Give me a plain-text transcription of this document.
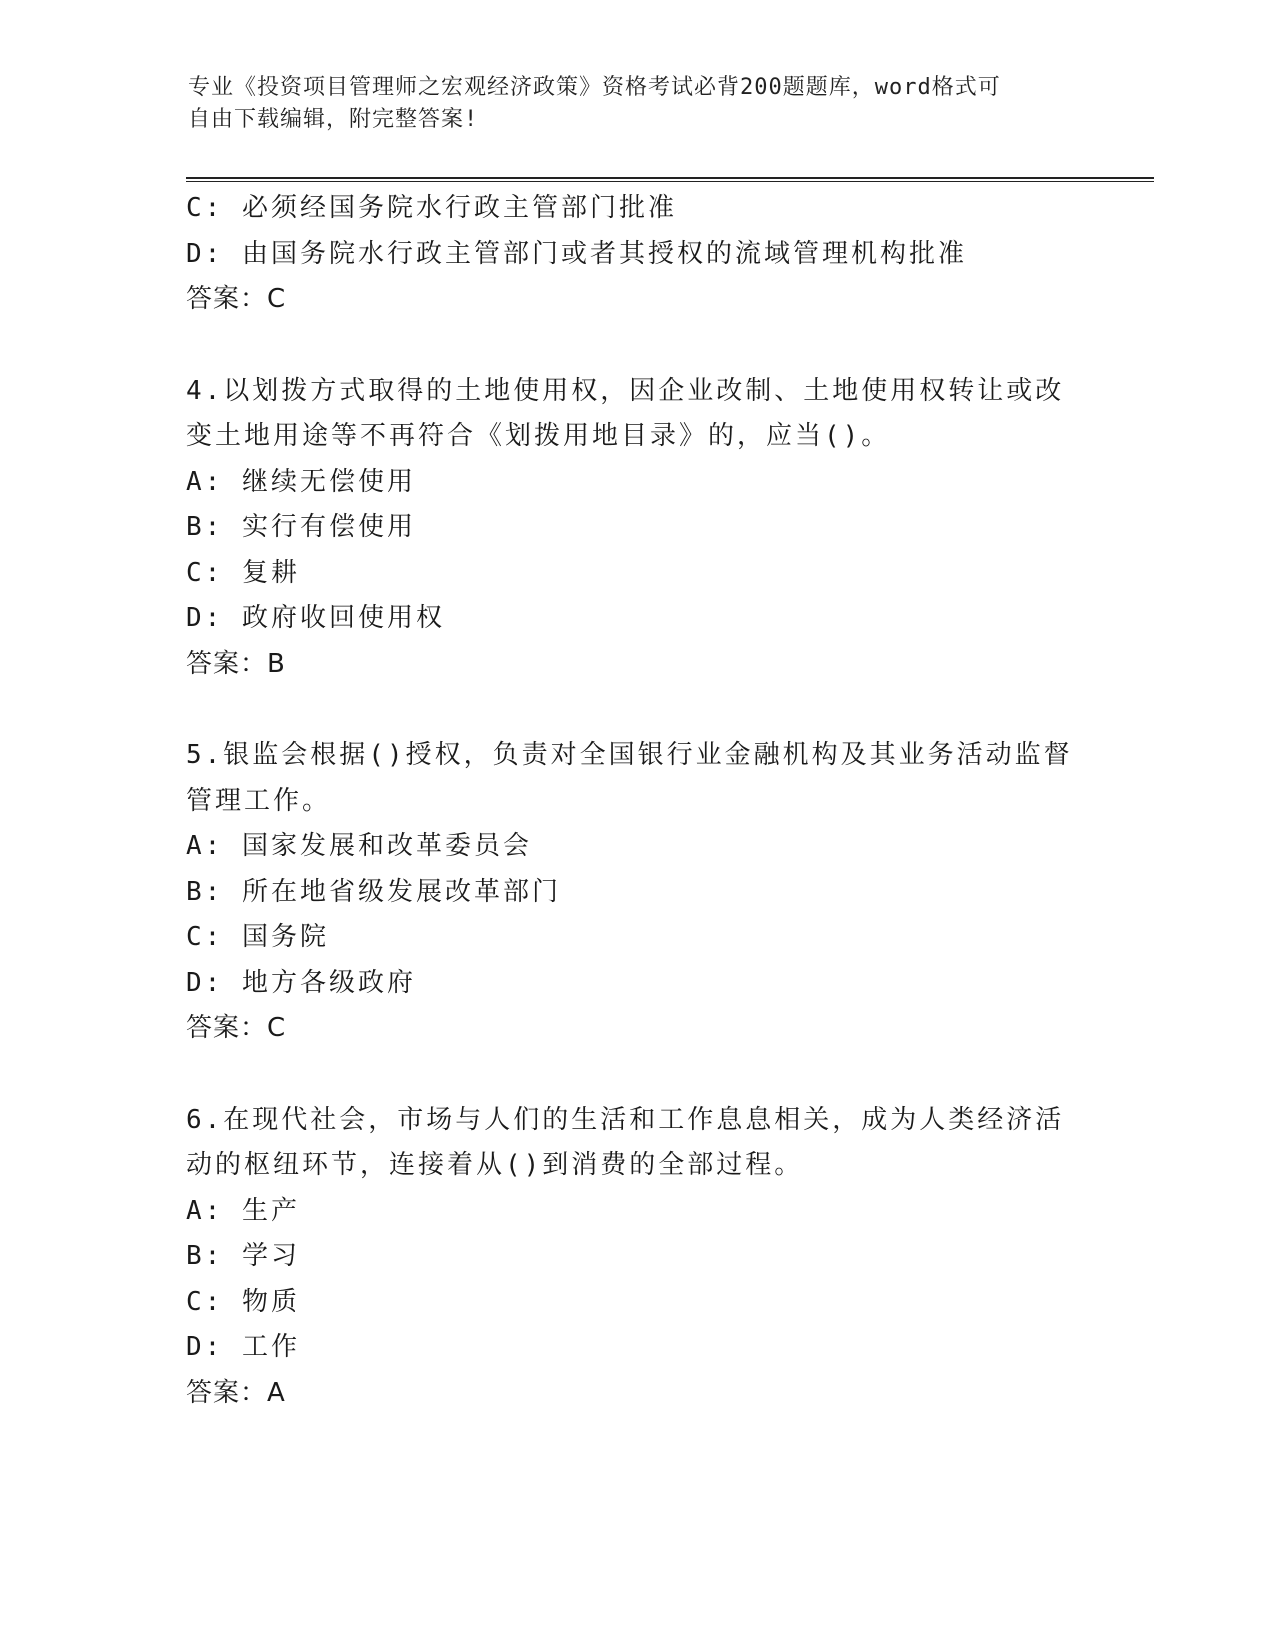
专业《投资项目管理师之宏观经济政策》资格考试必背200题题库，word格式可
自由下载编辑，附完整答案!
C: 必须经国务院水行政主管部门批准
D: 由国务院水行政主管部门或者其授权的流域管理机构批准
答案：C
4.以划拨方式取得的土地使用权，因企业改制、土地使用权转让或改变土地用途等不再符合《划拨用地目录》的，应当()。
A: 继续无偿使用
B: 实行有偿使用
C: 复耕
D: 政府收回使用权
答案：B
5.银监会根据()授权，负责对全国银行业金融机构及其业务活动监督管理工作。
A: 国家发展和改革委员会
B: 所在地省级发展改革部门
C: 国务院
D: 地方各级政府
答案：C
6.在现代社会，市场与人们的生活和工作息息相关，成为人类经济活动的枢纽环节，连接着从()到消费的全部过程。
A: 生产
B: 学习
C: 物质
D: 工作
答案：A
